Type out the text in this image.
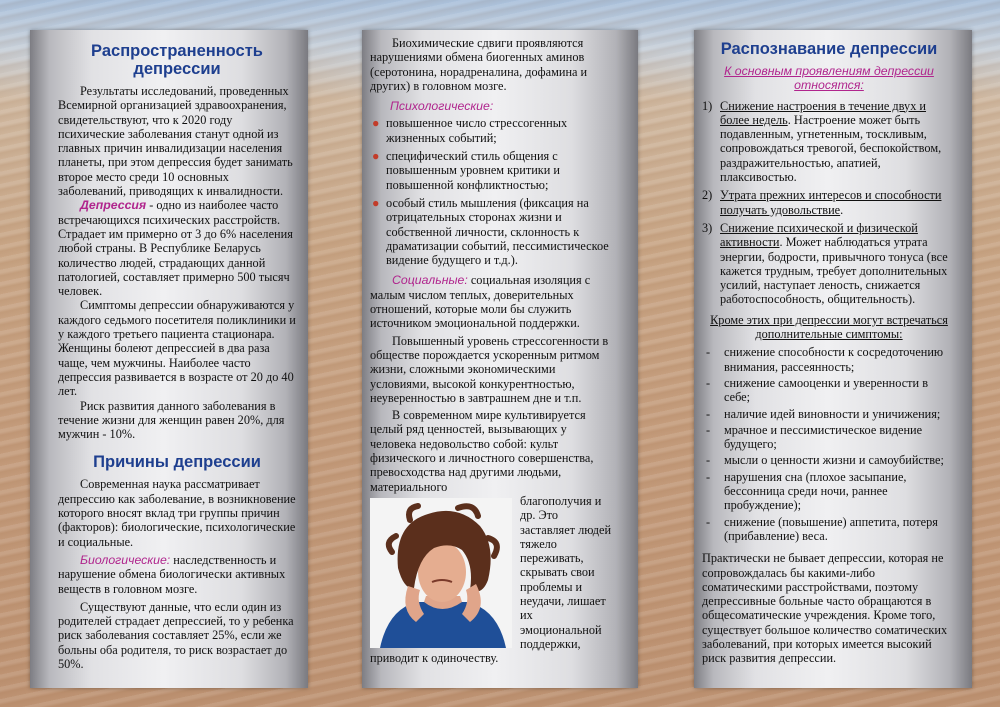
Распространенность
депрессии

Результаты исследований, проведенных Всемирной организацией здравоохранения, свидетельствуют, что к 2020 году психические заболевания станут одной из главных причин инвалидизации населения планеты, при этом депрессия будет занимать второе место среди 10 основных заболеваний, приводящих к инвалидности.

Депрессия - одно из наиболее часто встречающихся психических расстройств. Страдает им примерно от 3 до 6% населения любой страны. В Республике Беларусь количество людей, страдающих данной патологией, составляет примерно 500 тысяч человек.

Симптомы депрессии обнаруживаются у каждого седьмого посетителя поликлиники и у каждого третьего пациента стационара. Женщины болеют депрессией в два раза чаще, чем мужчины. Наиболее часто депрессия развивается в возрасте от 20 до 40 лет.

Риск развития данного заболевания в течение жизни для женщин равен 20%, для мужчин - 10%.

Причины депрессии

Современная наука рассматривает депрессию как заболевание, в возникновение которого вносят вклад три группы причин (факторов): биологические, психологические и социальные.

Биологические: наследственность и нарушение обмена биологически активных веществ в головном мозге.

Существуют данные, что если один из родителей страдает депрессией, то у ребенка риск заболевания составляет 25%, если же больны оба родителя, то риск возрастает до 50%.

Биохимические сдвиги проявляются нарушениями обмена биогенных аминов (серотонина, норадреналина, дофамина и других) в головном мозге.

Психологические:

● повышенное число стрессогенных жизненных событий;
● специфический стиль общения с повышенным уровнем критики и повышенной конфликтностью;
● особый стиль мышления (фиксация на отрицательных сторонах жизни и собственной личности, склонность к драматизации событий, пессимистическое видение будущего и т.д.).

Социальные: социальная изоляция с малым числом теплых, доверительных отношений, которые моли бы служить источником эмоциональной поддержки.

Повышенный уровень стрессогенности в обществе порождается ускоренным ритмом жизни, сложными экономическими условиями, высокой конкурентностью, неуверенностью в завтрашнем дне и т.п.

В современном мире культивируется целый ряд ценностей, вызывающих у человека недовольство собой: культ физического и личностного совершенства, превосходства над другими людьми, материального

благополучия и др. Это заставляет людей тяжело переживать, скрывать свои проблемы и неудачи, лишает их эмоциональной поддержки, приводит к одиночеству.

Распознавание депрессии

К основным проявлениям депрессии относятся:

1) Снижение настроения в течение двух и более недель. Настроение может быть подавленным, угнетенным, тоскливым, сопровождаться тревогой, беспокойством, раздражительностью, апатией, плаксивостью.
2) Утрата прежних интересов и способности получать удовольствие.
3) Снижение психической и физической активности. Может наблюдаться утрата энергии, бодрости, привычного тонуса (все кажется трудным, требует дополнительных усилий, наступает леность, снижается работоспособность, общительность).

Кроме этих при депрессии могут встречаться дополнительные симптомы:

- снижение способности к сосредоточению внимания, рассеянность;
- снижение самооценки и уверенности в себе;
- наличие идей виновности и уничижения;
- мрачное и пессимистическое видение будущего;
- мысли о ценности жизни и самоубийстве;
- нарушения сна (плохое засыпание, бессонница среди ночи, раннее пробуждение);
- снижение (повышение) аппетита, потеря (прибавление) веса.

Практически не бывает депрессии, которая не сопровождалась бы какими-либо соматическими расстройствами, поэтому депрессивные больные часто обращаются в общесоматические учреждения. Кроме того, существует большое количество соматических заболеваний, при которых имеется высокий риск развития депрессии.
